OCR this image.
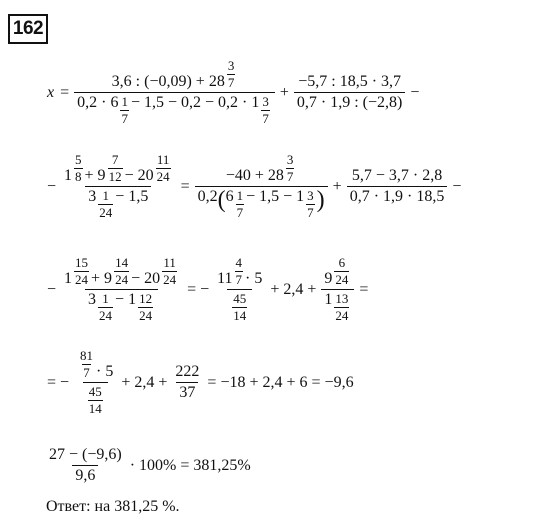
162
$x = \frac{3,6 : (-0,09) + 28 \frac{3}{7}}{0,2 \cdot 6 \frac{1}{7} - 1,5 - 0,2 - 0,2 \cdot 1 \frac{3}{7}} + \frac{-5,7 : 18,5 \cdot 3,7}{0,7 \cdot 1,9 : (-2,8)}$ −
− $\frac{1 \frac{5}{8} + 9 \frac{7}{12} - 20 \frac{11}{24}}{3 \frac{1}{24} - 1,5}$ =
$-40 + 28 \frac{3}{7}$
0,2 ( $6 \frac{1}{7} - 1,5 - 1 \frac{3}{7}$ )
+ $\frac{5,7 - 3,7 \cdot 2,8}{0,7 \cdot 1,9 \cdot 18,5}$ −
− $\frac{1 \frac{15}{24} + 9 \frac{14}{24} - 20 \frac{11}{24}}{3 \frac{1}{24} - 1 \frac{12}{24}}$ = − $\frac{11 \frac{4}{7} \cdot 5}{\frac{45}{14}} + 2,4 + \frac{9 \frac{6}{24}}{1 \frac{13}{24}}$ =
= − $\frac{\frac{81}{7} \cdot 5}{\frac{45}{14}} + 2,4 + \frac{222}{37} = -18 + 2,4 + 6 = -9,6$
$\frac{27 - (-9,6)}{9,6} \cdot 100\% = 381,25\%$
Ответ: на 381,25 %.
